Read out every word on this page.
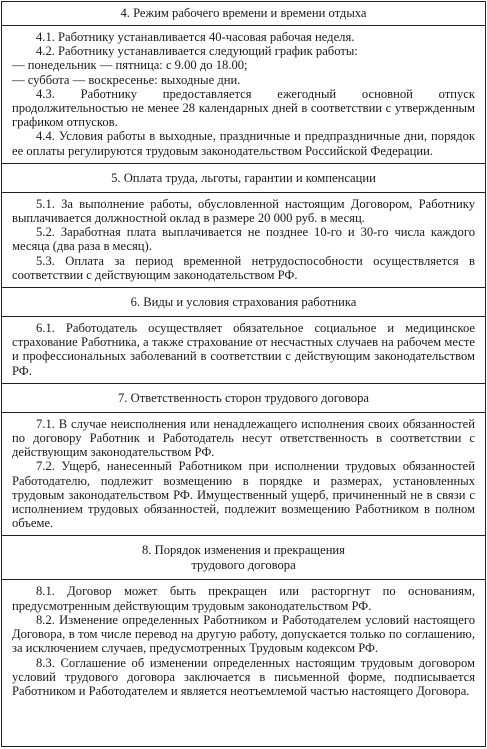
4. Режим рабочего времени и времени отдыха

4.1. Работнику устанавливается 40-часовая рабочая неделя.

4.2. Работнику устанавливается следующий график работы:

— понедельник — пятница: с 9.00 до 18.00;

— суббота — воскресенье: выходные дни.

4.3. Работнику предоставляется ежегодный основной отпуск продолжительностью не менее 28 календарных дней в соответствии с утвержденным графиком отпусков.

4.4. Условия работы в выходные, праздничные и предпраздничные дни, порядок ее оплаты регулируются трудовым законодательством Российской Федерации.

5. Оплата труда, льготы, гарантии и компенсации

5.1. За выполнение работы, обусловленной настоящим Договором, Работнику выплачивается должностной оклад в размере 20 000 руб. в месяц.

5.2. Заработная плата выплачивается не позднее 10-го и 30-го числа каждого месяца (два раза в месяц).

5.3. Оплата за период временной нетрудоспособности осуществляется в соответствии с действующим законодательством РФ.

6. Виды и условия страхования работника

6.1. Работодатель осуществляет обязательное социальное и медицинское страхование Работника, а также страхование от несчастных случаев на рабочем месте и профессиональных заболеваний в соответствии с действующим законодательством РФ.

7. Ответственность сторон трудового договора

7.1. В случае неисполнения или ненадлежащего исполнения своих обязанностей по договору Работник и Работодатель несут ответственность в соответствии с действующим законодательством РФ.

7.2. Ущерб, нанесенный Работником при исполнении трудовых обязанностей Работодателю, подлежит возмещению в порядке и размерах, установленных трудовым законодательством РФ. Имущественный ущерб, причиненный не в связи с исполнением трудовых обязанностей, подлежит возмещению Работником в полном объеме.

8. Порядок изменения и прекращения
трудового договора

8.1. Договор может быть прекращен или расторгнут по основаниям, предусмотренным действующим трудовым законодательством РФ.

8.2. Изменение определенных Работником и Работодателем условий настоящего Договора, в том числе перевод на другую работу, допускается только по соглашению, за исключением случаев, предусмотренных Трудовым кодексом РФ.

8.3. Соглашение об изменении определенных настоящим трудовым договором условий трудового договора заключается в письменной форме, подписывается Работником и Работодателем и является неотъемлемой частью настоящего Договора.
